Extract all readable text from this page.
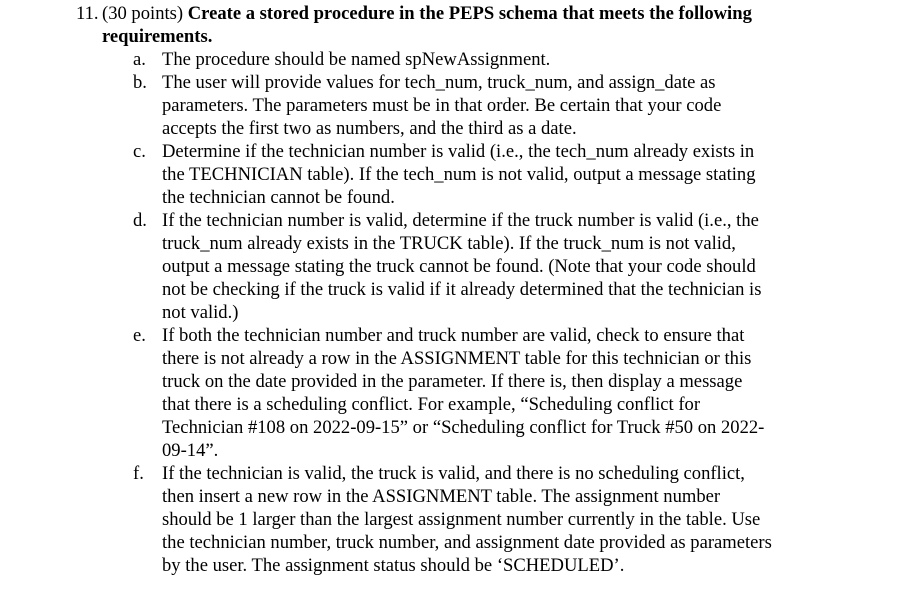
11. (30 points) Create a stored procedure in the PEPS schema that meets the following
requirements.
a. The procedure should be named spNewAssignment.
b. The user will provide values for tech_num, truck_num, and assign_date as
parameters. The parameters must be in that order. Be certain that your code
accepts the first two as numbers, and the third as a date.
c. Determine if the technician number is valid (i.e., the tech_num already exists in
the TECHNICIAN table). If the tech_num is not valid, output a message stating
the technician cannot be found.
d. If the technician number is valid, determine if the truck number is valid (i.e., the
truck_num already exists in the TRUCK table). If the truck_num is not valid,
output a message stating the truck cannot be found. (Note that your code should
not be checking if the truck is valid if it already determined that the technician is
not valid.)
e. If both the technician number and truck number are valid, check to ensure that
there is not already a row in the ASSIGNMENT table for this technician or this
truck on the date provided in the parameter. If there is, then display a message
that there is a scheduling conflict. For example, “Scheduling conflict for
Technician #108 on 2022-09-15” or “Scheduling conflict for Truck #50 on 2022-
09-14”.
f. If the technician is valid, the truck is valid, and there is no scheduling conflict,
then insert a new row in the ASSIGNMENT table. The assignment number
should be 1 larger than the largest assignment number currently in the table. Use
the technician number, truck number, and assignment date provided as parameters
by the user. The assignment status should be ‘SCHEDULED’.
